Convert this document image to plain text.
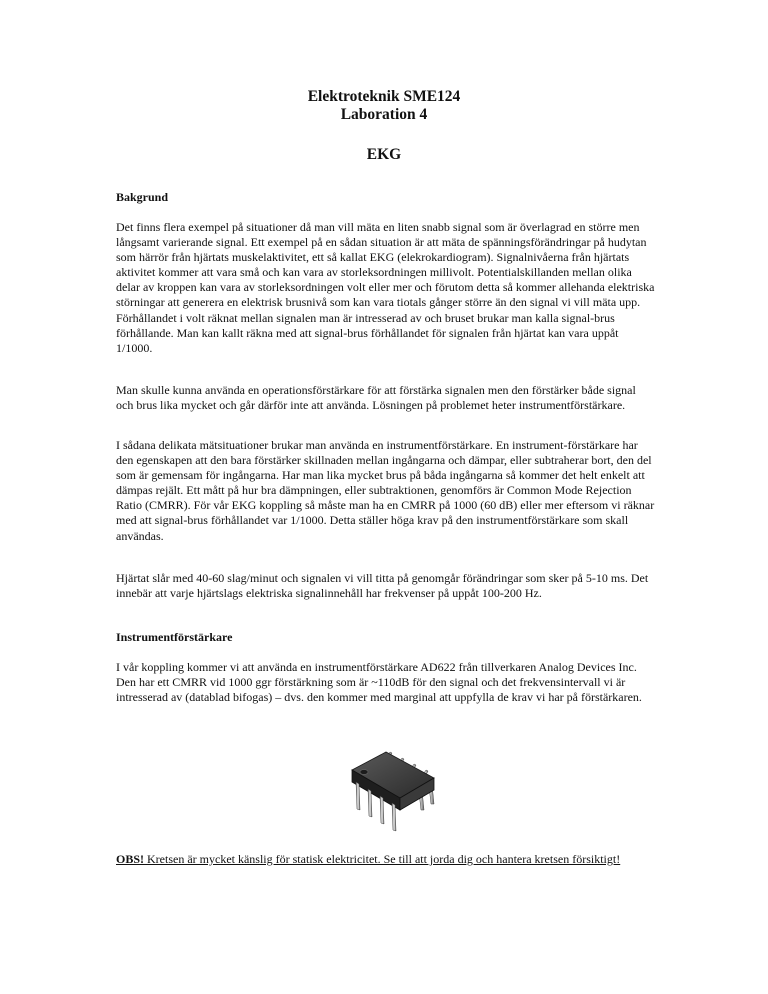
Elektroteknik SME124
Laboration 4
EKG
Bakgrund

Det finns flera exempel på situationer då man vill mäta en liten snabb signal som är överlagrad en större men långsamt varierande signal. Ett exempel på en sådan situation är att mäta de spänningsförändringar på hudytan som härrör från hjärtats muskelaktivitet, ett så kallat EKG (elekrokardiogram). Signalnivåerna från hjärtats aktivitet kommer att vara små och kan vara av storleksordningen millivolt. Potentialskillanden mellan olika delar av kroppen kan vara av storleksordningen volt eller mer och förutom detta så kommer allehanda elektriska störningar att generera en elektrisk brusnivå som kan vara tiotals gånger större än den signal vi vill mäta upp. Förhållandet i volt räknat mellan signalen man är intresserad av och bruset brukar man kalla signal-brus förhållande. Man kan kallt räkna med att signal-brus förhållandet för signalen från hjärtat kan vara uppåt 1/1000.

Man skulle kunna använda en operationsförstärkare för att förstärka signalen men den förstärker både signal och brus lika mycket och går därför inte att använda. Lösningen på problemet heter instrumentförstärkare.

I sådana delikata mätsituationer brukar man använda en instrumentförstärkare. En instrument-förstärkare har den egenskapen att den bara förstärker skillnaden mellan ingångarna och dämpar, eller subtraherar bort, den del som är gemensam för ingångarna. Har man lika mycket brus på båda ingångarna så kommer det helt enkelt att dämpas rejält. Ett mått på hur bra dämpningen, eller subtraktionen, genomförs är Common Mode Rejection Ratio (CMRR). För vår EKG koppling så måste man ha en CMRR på 1000 (60 dB) eller mer eftersom vi räknar med att signal-brus förhållandet var 1/1000. Detta ställer höga krav på den instrumentförstärkare som skall användas.

Hjärtat slår med 40-60 slag/minut och signalen vi vill titta på genomgår förändringar som sker på 5-10 ms. Det innebär att varje hjärtslags elektriska signalinnehåll har frekvenser på uppåt 100-200 Hz.

Instrumentförstärkare

I vår koppling kommer vi att använda en instrumentförstärkare AD622 från tillverkaren Analog Devices Inc. Den har ett CMRR vid 1000 ggr förstärkning som är ~110dB för den signal och det frekvensintervall vi är intresserad av (datablad bifogas) – dvs. den kommer med marginal att uppfylla de krav vi har på förstärkaren.

OBS! Kretsen är mycket känslig för statisk elektricitet. Se till att jorda dig och hantera kretsen försiktigt!
